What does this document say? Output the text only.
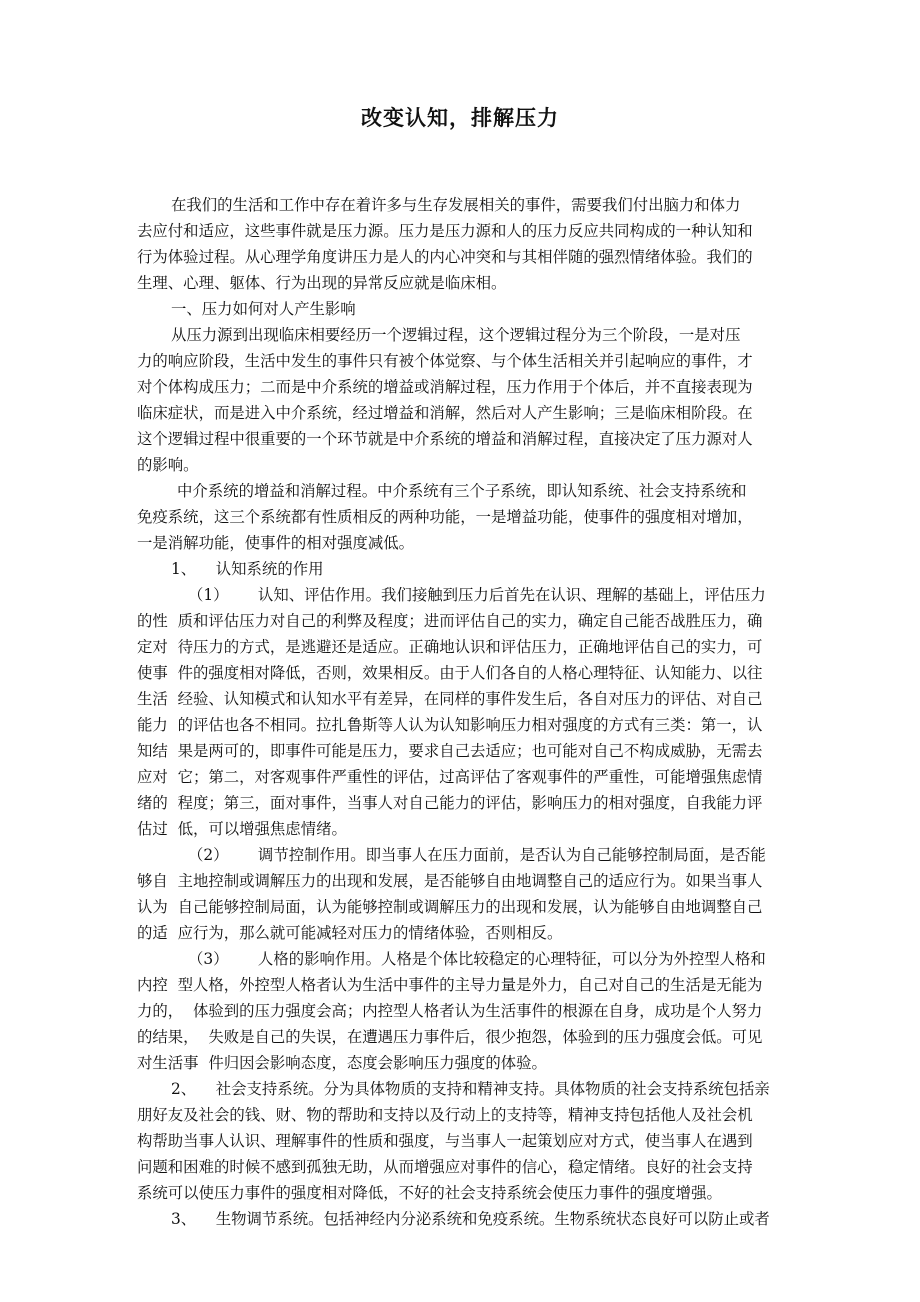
改变认知，排解压力
在我们的生活和工作中存在着许多与生存发展相关的事件，需要我们付出脑力和体力
去应付和适应，这些事件就是压力源。压力是压力源和人的压力反应共同构成的一种认知和
行为体验过程。从心理学角度讲压力是人的内心冲突和与其相伴随的强烈情绪体验。我们的
生理、心理、躯体、行为出现的异常反应就是临床相。
一、压力如何对人产生影响
从压力源到出现临床相要经历一个逻辑过程，这个逻辑过程分为三个阶段，一是对压
力的响应阶段，生活中发生的事件只有被个体觉察、与个体生活相关并引起响应的事件，才
对个体构成压力；二而是中介系统的增益或消解过程，压力作用于个体后，并不直接表现为
临床症状，而是进入中介系统，经过增益和消解，然后对人产生影响；三是临床相阶段。在
这个逻辑过程中很重要的一个环节就是中介系统的增益和消解过程，直接决定了压力源对人
的影响。
中介系统的增益和消解过程。中介系统有三个子系统，即认知系统、社会支持系统和
免疫系统，这三个系统都有性质相反的两种功能，一是增益功能，使事件的强度相对增加，
一是消解功能，使事件的相对强度减低。
1、    认知系统的作用
（1）      认知、评估作用。我们接触到压力后首先在认识、理解的基础上，评估压力
的性  质和评估压力对自己的利弊及程度；进而评估自己的实力，确定自己能否战胜压力，确
定对  待压力的方式，是逃避还是适应。正确地认识和评估压力，正确地评估自己的实力，可
使事  件的强度相对降低，否则，效果相反。由于人们各自的人格心理特征、认知能力、以往
生活  经验、认知模式和认知水平有差异，在同样的事件发生后，各自对压力的评估、对自己
能力  的评估也各不相同。拉扎鲁斯等人认为认知影响压力相对强度的方式有三类：第一，认
知结  果是两可的，即事件可能是压力，要求自己去适应；也可能对自己不构成威胁，无需去
应对  它；第二，对客观事件严重性的评估，过高评估了客观事件的严重性，可能增强焦虑情
绪的  程度；第三，面对事件，当事人对自己能力的评估，影响压力的相对强度，自我能力评
估过  低，可以增强焦虑情绪。
（2）      调节控制作用。即当事人在压力面前，是否认为自己能够控制局面，是否能
够自  主地控制或调解压力的出现和发展，是否能够自由地调整自己的适应行为。如果当事人
认为  自己能够控制局面，认为能够控制或调解压力的出现和发展，认为能够自由地调整自己
的适  应行为，那么就可能减轻对压力的情绪体验，否则相反。
（3）      人格的影响作用。人格是个体比较稳定的心理特征，可以分为外控型人格和
内控  型人格，外控型人格者认为生活中事件的主导力量是外力，自己对自己的生活是无能为
力的，  体验到的压力强度会高；内控型人格者认为生活事件的根源在自身，成功是个人努力
的结果，  失败是自己的失误，在遭遇压力事件后，很少抱怨，体验到的压力强度会低。可见
对生活事  件归因会影响态度，态度会影响压力强度的体验。
2、    社会支持系统。分为具体物质的支持和精神支持。具体物质的社会支持系统包括亲
朋好友及社会的钱、财、物的帮助和支持以及行动上的支持等，精神支持包括他人及社会机
构帮助当事人认识、理解事件的性质和强度，与当事人一起策划应对方式，使当事人在遇到
问题和困难的时候不感到孤独无助，从而增强应对事件的信心，稳定情绪。良好的社会支持
系统可以使压力事件的强度相对降低，不好的社会支持系统会使压力事件的强度增强。
3、    生物调节系统。包括神经内分泌系统和免疫系统。生物系统状态良好可以防止或者
